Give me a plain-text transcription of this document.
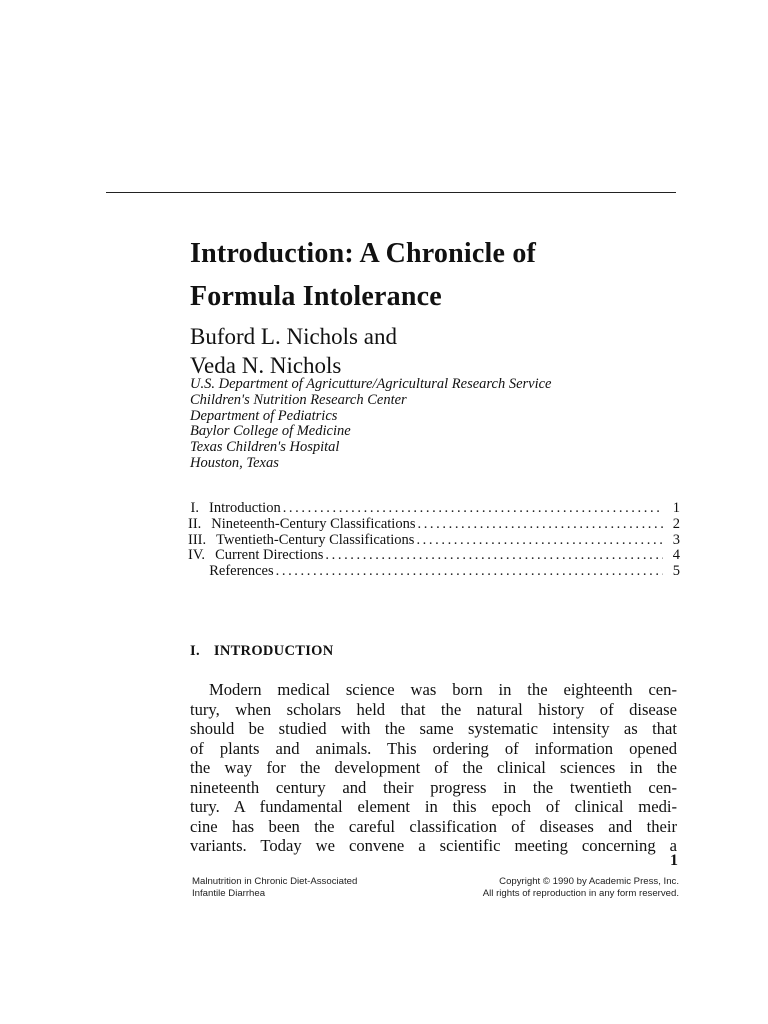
Introduction: A Chronicle of
Formula Intolerance
Buford L. Nichols and
Veda N. Nichols
U.S. Department of Agricutture/Agricultural Research Service
Children's Nutrition Research Center
Department of Pediatrics
Baylor College of Medicine
Texas Children's Hospital
Houston, Texas
I. Introduction .....	1
II. Nineteenth-Century Classifications .....	2
III. Twentieth-Century Classifications .....	3
IV. Current Directions .....	4
References .....	5
I. INTRODUCTION
Modern medical science was born in the eighteenth cen-
tury, when scholars held that the natural history of disease
should be studied with the same systematic intensity as that
of plants and animals. This ordering of information opened
the way for the development of the clinical sciences in the
nineteenth century and their progress in the twentieth cen-
tury. A fundamental element in this epoch of clinical medi-
cine has been the careful classification of diseases and their
variants. Today we convene a scientific meeting concerning a
1
Malnutrition in Chronic Diet-Associated
Infantile Diarrhea
Copyright © 1990 by Academic Press, Inc.
All rights of reproduction in any form reserved.
